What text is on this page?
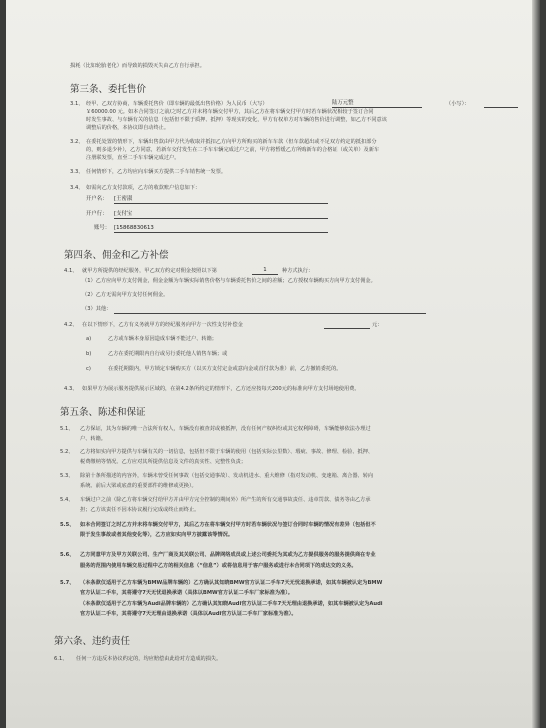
损耗（比如轮胎老化）而导致的损毁灭失由乙方自行承担。
第三条、委托售价
3.1、 经甲、乙双方协商，车辆委托售价（即车辆的最低出售价格）为人民币（大写）	陆万元整	（小写）：
￥60000.00 元。如本合同签订之前/之时乙方并未将车辆交付甲方，其后乙方在将车辆交付甲方时若车辆状况相较于签订合同
时发生事故、与车辆有关的信息（包括但不限于质押、抵押）等现实的变化，甲方有权单方对车辆的售价进行调整，如乙方不同意该
调整后的价格，本协议即自动终止。
3.2、 在委托处置的情形下，车辆出售款由甲方代为收取并抵扣乙方向甲方所购买的新车车款（但车款超出或不足双方约定的抵扣部分
的，则多退少补），乙方同意，若新车交付发生在二手车车辆完成过户之前，甲方将暂缓乙方所购新车的合格证（或关单）及新车
注册联发票，直至二手车车辆完成过户。
3.3、 任何情形下，乙方均应向车辆买方提供二手车销售统一发票。
3.4、 如需向乙方支付款项，乙方的收款账户信息如下：
开户名：	[ 王密淑
开户行：	[ 支付宝
账号：	[ 15868830613
第四条、佣金和乙方补偿
4.1、 就甲方所提供的经纪服务，甲乙双方约定对佣金按照以下第	1	种方式执行：
（1）乙方应向甲方支付佣金，佣金金额为车辆实际销售价格与车辆委托售价之间的差额；乙方授权车辆购买方向甲方支付佣金。
（2）乙方无需向甲方支付任何佣金。
（3）其他：
4.2、 在以下情形下，乙方有义务就甲方的经纪服务向甲方一次性支付补偿金	元：
a)	乙方或车辆本身原因造成车辆不能过户、转籍；
b)	乙方在委托期限内自行或另行委托他人销售车辆；或
c)	在委托期限内，甲方锁定车辆购买方（以买方支付定金或意向金或首付款为准）前，乙方撤销委托的。
4.3、 如果甲方为展示服务提供展示区域的，在第4.2条所约定的情形下，乙方还应按每天200元的标准向甲方支付场地使用费。
第五条、陈述和保证
5.1、 乙方保证，其为车辆的唯一合法所有权人，车辆没有被查封或被抵押，没有任何产权纠纷或其它权利障碍，车辆能够依法办理过
户、转籍。
5.2、 乙方将如实向甲方提供与车辆有关的一切信息，包括但不限于车辆的使用（包括实际公里数）、瑕疵、事故、修理、检验、抵押、
税费缴纳等情况。乙方应对其所提供信息及文件的真实性、完整性负责；
5.3、 除第十条所描述的内容外，车辆未曾受任何事故（包括交通事故）、发动机进水、重大维修（指对发动机、变速箱、离合器、转向
系统、前后大梁或底盘的重要部件的维修或更换）。
5.4、 车辆过户之前（除乙方将车辆交付给甲方并由甲方完全控制的期间外）所产生的所有交通事故责任、违章罚款、债务等由乙方承
担；乙方该责任不因本协议履行完成或终止而终止。
5.5、 如本合同签订之时乙方并未将车辆交付甲方，其后乙方在将车辆交付甲方时若车辆状况与签订合同时车辆的情况有差异（包括但不
限于发生事故或者其他变化等），乙方应如实向甲方披露该等情况。
5.6、 乙方同意甲方及甲方关联公司、生产厂商及其关联公司、品牌网络成员或上述公司委托为其或为乙方提供服务的服务提供商在专业
服务的范围内使用车辆交易过程中乙方的相关信息（“信息”）或将信息用于客户服务或进行本合同项下的成达交的义务。
5.7、 （本条款仅适用于乙方车辆为BMW品牌车辆的）乙方确认其知晓BMW官方认证二手车7天无忧退换承诺，如其车辆被认定为BMW
官方认证二手车，其将遵守7天无忧退换承诺（具体以BMW官方认证二手车厂家标准为准）。
（本条款仅适用于乙方车辆为Audi品牌车辆的）乙方确认其知晓Audi官方认证二手车7天无理由退换承诺，如其车辆被认定为Audi
官方认证二手车，其将遵守7天无理由退换承诺（具体以Audi官方认证二手车厂家标准为准）。
第六条、违约责任
6.1、 任何一方违反本协议约定的，均应赔偿由此给对方造成的损失。
